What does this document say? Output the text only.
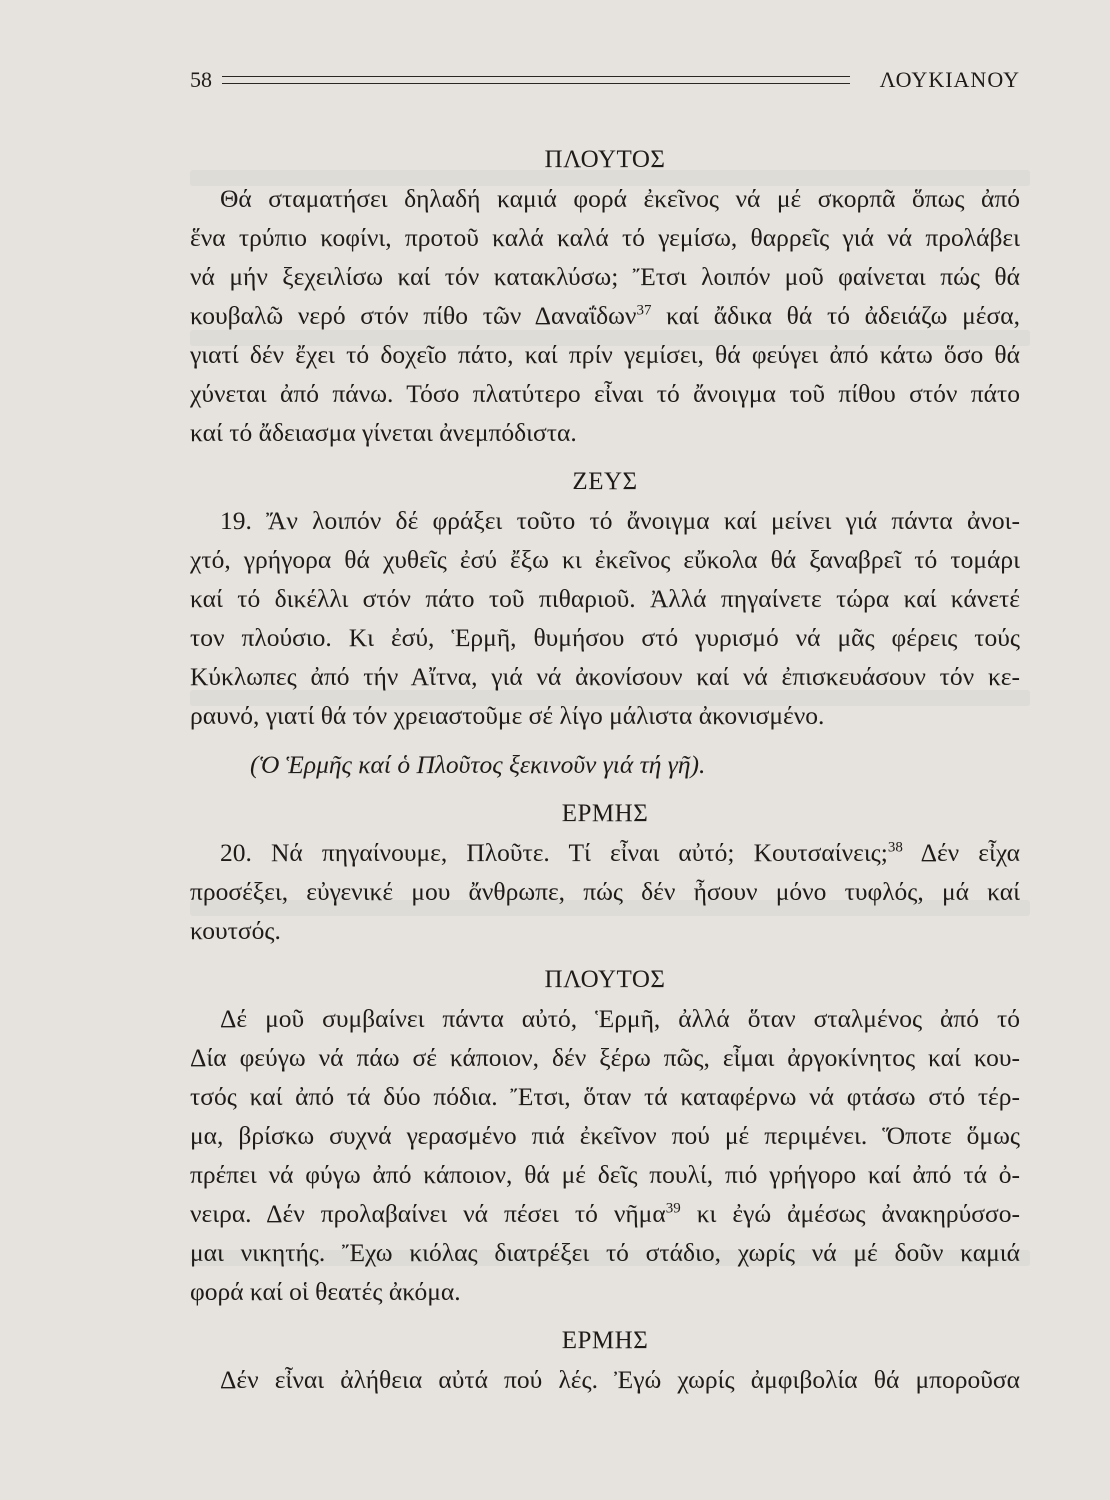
58	ΛΟΥΚΙΑΝΟΥ

ΠΛΟΥΤΟΣ

Θά σταματήσει δηλαδή καμιά φορά ἐκεῖνος νά μέ σκορπᾶ ὅπως ἀπό
ἕνα τρύπιο κοφίνι, προτοῦ καλά καλά τό γεμίσω, θαρρεῖς γιά νά προλάβει
νά μήν ξεχειλίσω καί τόν κατακλύσω; Ἔτσι λοιπόν μοῦ φαίνεται πώς θά
κουβαλῶ νερό στόν πίθο τῶν Δαναΐδων$^{37}$ καί ἄδικα θά τό ἀδειάζω μέσα,
γιατί δέν ἔχει τό δοχεῖο πάτο, καί πρίν γεμίσει, θά φεύγει ἀπό κάτω ὅσο θά
χύνεται ἀπό πάνω. Τόσο πλατύτερο εἶναι τό ἄνοιγμα τοῦ πίθου στόν πάτο
καί τό ἄδειασμα γίνεται ἀνεμπόδιστα.

ΖΕΥΣ

19. Ἄν λοιπόν δέ φράξει τοῦτο τό ἄνοιγμα καί μείνει γιά πάντα ἀνοι-
χτό, γρήγορα θά χυθεῖς ἐσύ ἔξω κι ἐκεῖνος εὔκολα θά ξαναβρεῖ τό τομάρι
καί τό δικέλλι στόν πάτο τοῦ πιθαριοῦ. Ἀλλά πηγαίνετε τώρα καί κάνετέ
τον πλούσιο. Κι ἐσύ, Ἑρμῆ, θυμήσου στό γυρισμό νά μᾶς φέρεις τούς
Κύκλωπες ἀπό τήν Αἴτνα, γιά νά ἀκονίσουν καί νά ἐπισκευάσουν τόν κε-
ραυνό, γιατί θά τόν χρειαστοῦμε σέ λίγο μάλιστα ἀκονισμένο.

(Ὁ Ἑρμῆς καί ὁ Πλοῦτος ξεκινοῦν γιά τή γῆ).

ΕΡΜΗΣ

20. Νά πηγαίνουμε, Πλοῦτε. Τί εἶναι αὐτό; Κουτσαίνεις;$^{38}$ Δέν εἶχα
προσέξει, εὐγενικέ μου ἄνθρωπε, πώς δέν ἦσουν μόνο τυφλός, μά καί
κουτσός.

ΠΛΟΥΤΟΣ

Δέ μοῦ συμβαίνει πάντα αὐτό, Ἑρμῆ, ἀλλά ὅταν σταλμένος ἀπό τό
Δία φεύγω νά πάω σέ κάποιον, δέν ξέρω πῶς, εἶμαι ἀργοκίνητος καί κου-
τσός καί ἀπό τά δύο πόδια. Ἔτσι, ὅταν τά καταφέρνω νά φτάσω στό τέρ-
μα, βρίσκω συχνά γερασμένο πιά ἐκεῖνον πού μέ περιμένει. Ὅποτε ὅμως
πρέπει νά φύγω ἀπό κάποιον, θά μέ δεῖς πουλί, πιό γρήγορο καί ἀπό τά ὀ-
νειρα. Δέν προλαβαίνει νά πέσει τό νῆμα$^{39}$ κι ἐγώ ἀμέσως ἀνακηρύσσο-
μαι νικητής. Ἔχω κιόλας διατρέξει τό στάδιο, χωρίς νά μέ δοῦν καμιά
φορά καί οἱ θεατές ἀκόμα.

ΕΡΜΗΣ

Δέν εἶναι ἀλήθεια αὐτά πού λές. Ἐγώ χωρίς ἀμφιβολία θά μποροῦσα
